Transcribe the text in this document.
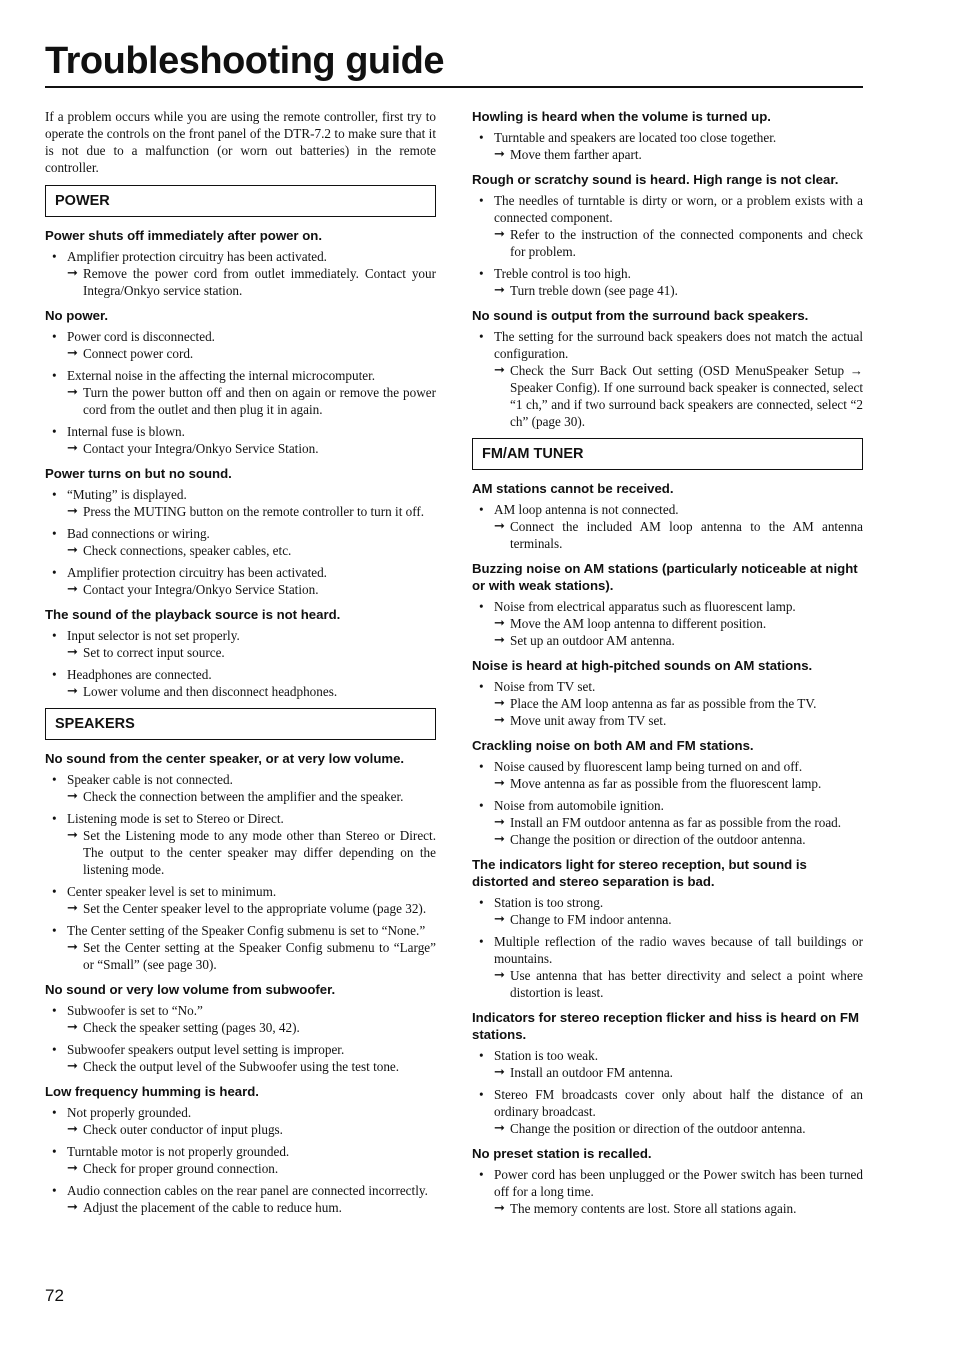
Troubleshooting guide

If a problem occurs while you are using the remote controller, first try to operate the controls on the front panel of the DTR-7.2 to make sure that it is not due to a malfunction (or worn out batteries) in the remote controller.

POWER
Power shuts off immediately after power on.
• Amplifier protection circuitry has been activated.
➞ Remove the power cord from outlet immediately. Contact your Integra/Onkyo service station.
No power.
• Power cord is disconnected.
➞ Connect power cord.
• External noise in the affecting the internal microcomputer.
➞ Turn the power button off and then on again or remove the power cord from the outlet and then plug it in again.
• Internal fuse is blown.
➞ Contact your Integra/Onkyo Service Station.
Power turns on but no sound.
• “Muting” is displayed.
➞ Press the MUTING button on the remote controller to turn it off.
• Bad connections or wiring.
➞ Check connections, speaker cables, etc.
• Amplifier protection circuitry has been activated.
➞ Contact your Integra/Onkyo Service Station.
The sound of the playback source is not heard.
• Input selector is not set properly.
➞ Set to correct input source.
• Headphones are connected.
➞ Lower volume and then disconnect headphones.
SPEAKERS
No sound from the center speaker, or at very low volume.
• Speaker cable is not connected.
➞ Check the connection between the amplifier and the speaker.
• Listening mode is set to Stereo or Direct.
➞ Set the Listening mode to any mode other than Stereo or Direct. The output to the center speaker may differ depending on the listening mode.
• Center speaker level is set to minimum.
➞ Set the Center speaker level to the appropriate volume (page 32).
• The Center setting of the Speaker Config submenu is set to “None.”
➞ Set the Center setting at the Speaker Config submenu to “Large” or “Small” (see page 30).
No sound or very low volume from subwoofer.
• Subwoofer is set to “No.”
➞ Check the speaker setting (pages 30, 42).
• Subwoofer speakers output level setting is improper.
➞ Check the output level of the Subwoofer using the test tone.
Low frequency humming is heard.
• Not properly grounded.
➞ Check outer conductor of input plugs.
• Turntable motor is not properly grounded.
➞ Check for proper ground connection.
• Audio connection cables on the rear panel are connected incorrectly.
➞ Adjust the placement of the cable to reduce hum.
Howling is heard when the volume is turned up.
• Turntable and speakers are located too close together.
➞ Move them farther apart.
Rough or scratchy sound is heard. High range is not clear.
• The needles of turntable is dirty or worn, or a problem exists with a connected component.
➞ Refer to the instruction of the connected components and check for problem.
• Treble control is too high.
➞ Turn treble down (see page 41).
No sound is output from the surround back speakers.
• The setting for the surround back speakers does not match the actual configuration.
➞ Check the Surr Back Out setting (OSD MenuSpeaker Setup → Speaker Config). If one surround back speaker is connected, select “1 ch,” and if two surround back speakers are connected, select “2 ch” (page 30).
FM/AM TUNER
AM stations cannot be received.
• AM loop antenna is not connected.
➞ Connect the included AM loop antenna to the AM antenna terminals.
Buzzing noise on AM stations (particularly noticeable at night or with weak stations).
• Noise from electrical apparatus such as fluorescent lamp.
➞ Move the AM loop antenna to different position.
➞ Set up an outdoor AM antenna.
Noise is heard at high-pitched sounds on AM stations.
• Noise from TV set.
➞ Place the AM loop antenna as far as possible from the TV.
➞ Move unit away from TV set.
Crackling noise on both AM and FM stations.
• Noise caused by fluorescent lamp being turned on and off.
➞ Move antenna as far as possible from the fluorescent lamp.
• Noise from automobile ignition.
➞ Install an FM outdoor antenna as far as possible from the road.
➞ Change the position or direction of the outdoor antenna.
The indicators light for stereo reception, but sound is distorted and stereo separation is bad.
• Station is too strong.
➞ Change to FM indoor antenna.
• Multiple reflection of the radio waves because of tall buildings or mountains.
➞ Use antenna that has better directivity and select a point where distortion is least.
Indicators for stereo reception flicker and hiss is heard on FM stations.
• Station is too weak.
➞ Install an outdoor FM antenna.
• Stereo FM broadcasts cover only about half the distance of an ordinary broadcast.
➞ Change the position or direction of the outdoor antenna.
No preset station is recalled.
• Power cord has been unplugged or the Power switch has been turned off for a long time.
➞ The memory contents are lost. Store all stations again.
72
